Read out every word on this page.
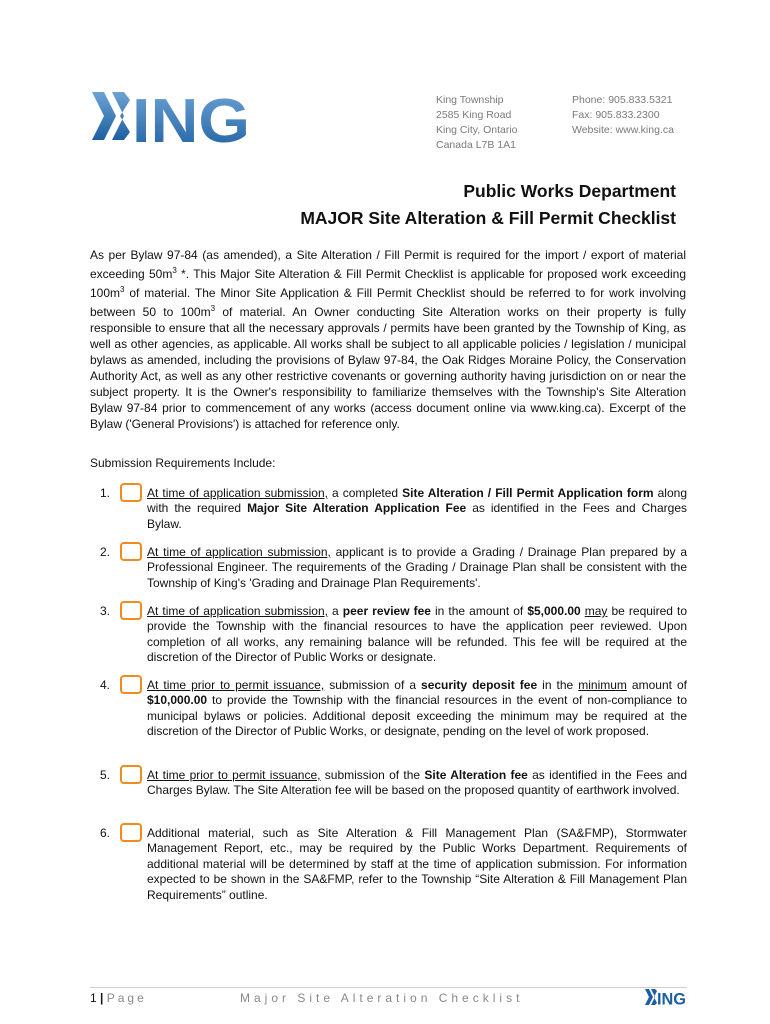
ING	King Township
2585 King Road
King City, Ontario
Canada L7B 1A1
Phone: 905.833.5321
Fax: 905.833.2300
Website: www.king.ca
Public Works Department
MAJOR Site Alteration & Fill Permit Checklist

As per Bylaw 97-84 (as amended), a Site Alteration / Fill Permit is required for the import / export of material exceeding $50m^3$ *. This Major Site Alteration & Fill Permit Checklist is applicable for proposed work exceeding $100m^3$ of material. The Minor Site Application & Fill Permit Checklist should be referred to for work involving between 50 to $100m^3$ of material. An Owner conducting Site Alteration works on their property is fully responsible to ensure that all the necessary approvals / permits have been granted by the Township of King, as well as other agencies, as applicable. All works shall be subject to all applicable policies / legislation / municipal bylaws as amended, including the provisions of Bylaw 97-84, the Oak Ridges Moraine Policy, the Conservation Authority Act, as well as any other restrictive covenants or governing authority having jurisdiction on or near the subject property. It is the Owner's responsibility to familiarize themselves with the Township's Site Alteration Bylaw 97-84 prior to commencement of any works (access document online via www.king.ca). Excerpt of the Bylaw ('General Provisions') is attached for reference only.

Submission Requirements Include:
1.	At time of application submission, a completed Site Alteration / Fill Permit Application form along with the required Major Site Alteration Application Fee as identified in the Fees and Charges Bylaw.
2.	At time of application submission, applicant is to provide a Grading / Drainage Plan prepared by a Professional Engineer. The requirements of the Grading / Drainage Plan shall be consistent with the Township of King's 'Grading and Drainage Plan Requirements'.
3.	At time of application submission, a peer review fee in the amount of $5,000.00 may be required to provide the Township with the financial resources to have the application peer reviewed. Upon completion of all works, any remaining balance will be refunded. This fee will be required at the discretion of the Director of Public Works or designate.
4.	At time prior to permit issuance, submission of a security deposit fee in the minimum amount of $10,000.00 to provide the Township with the financial resources in the event of non-compliance to municipal bylaws or policies. Additional deposit exceeding the minimum may be required at the discretion of the Director of Public Works, or designate, pending on the level of work proposed.
5.	At time prior to permit issuance, submission of the Site Alteration fee as identified in the Fees and Charges Bylaw. The Site Alteration fee will be based on the proposed quantity of earthwork involved.
6.	Additional material, such as Site Alteration & Fill Management Plan (SA&FMP), Stormwater Management Report, etc., may be required by the Public Works Department. Requirements of additional material will be determined by staff at the time of application submission. For information expected to be shown in the SA&FMP, refer to the Township “Site Alteration & Fill Management Plan Requirements” outline.
1 | Page	Major Site Alteration Checklist	ING
